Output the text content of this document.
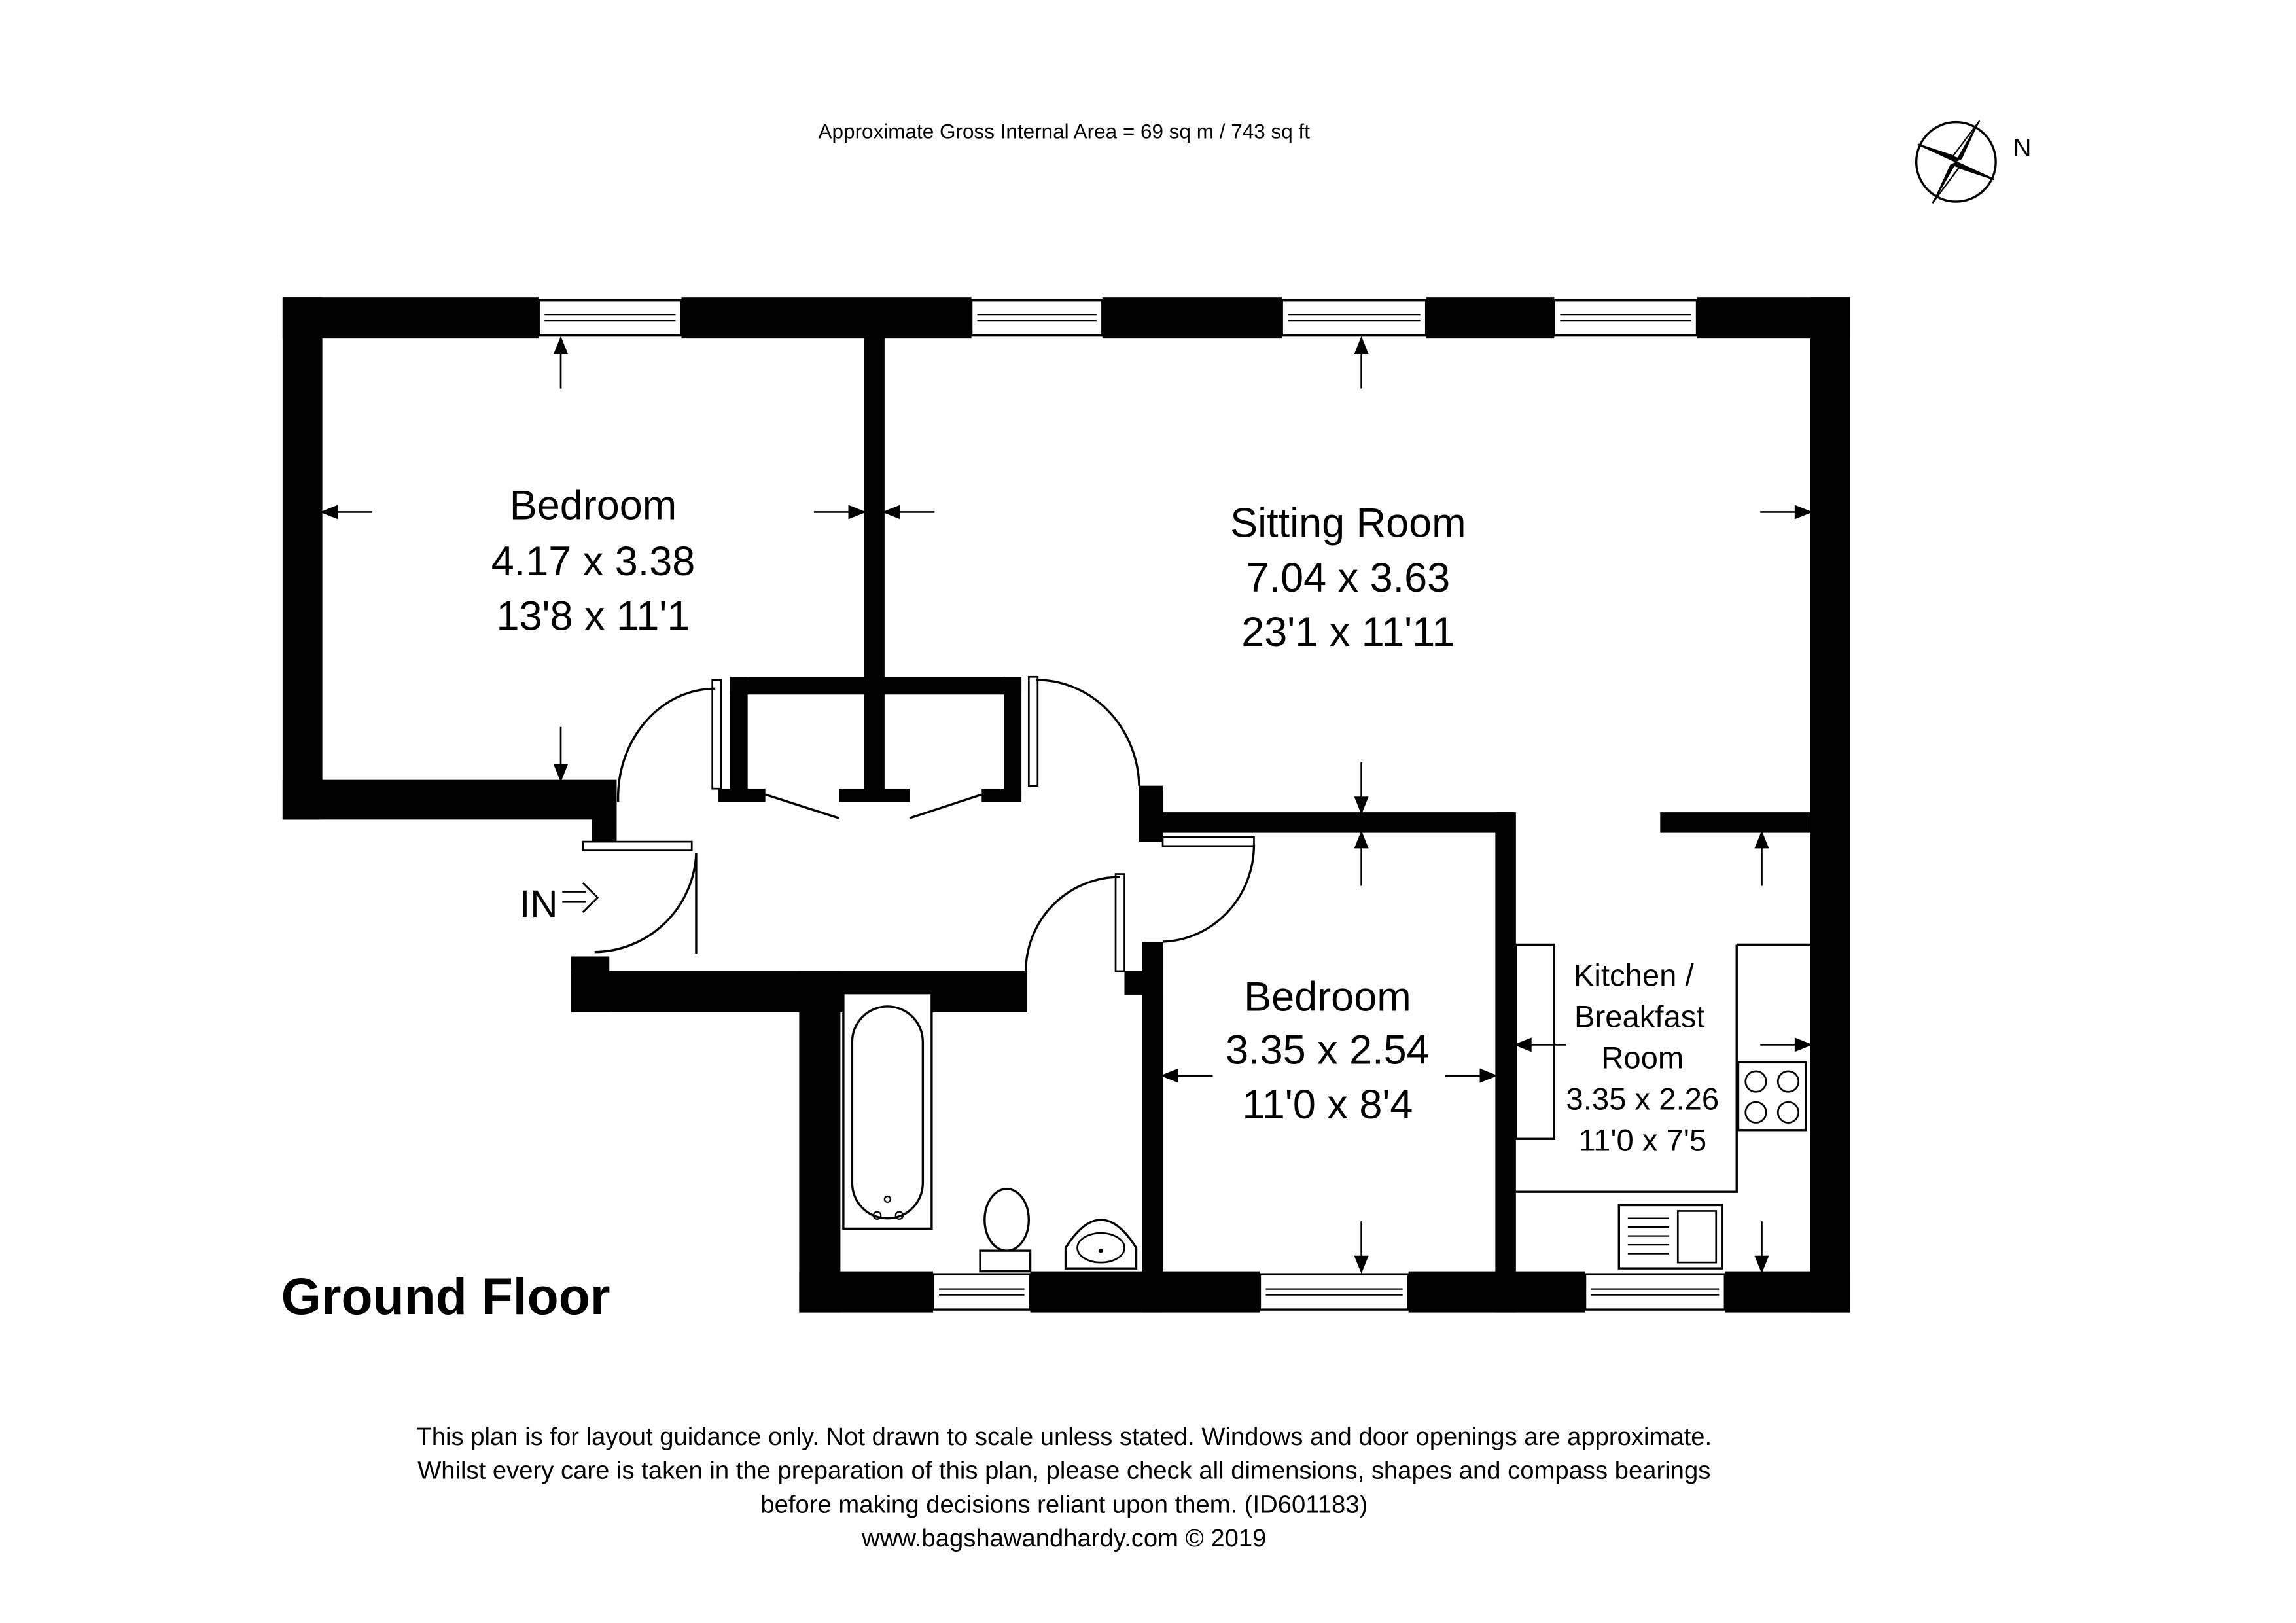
Approximate Gross Internal Area = 69 sq m / 743 sq ft
N
IN
Bedroom
4.17 x 3.38
13'8 x 11'1
Sitting Room
7.04 x 3.63
23'1 x 11'11
Bedroom
3.35 x 2.54
11'0 x 8'4
Kitchen /
Breakfast
Room
3.35 x 2.26
11'0 x 7'5
Ground Floor
This plan is for layout guidance only. Not drawn to scale unless stated. Windows and door openings are approximate.
Whilst every care is taken in the preparation of this plan, please check all dimensions, shapes and compass bearings
before making decisions reliant upon them. (ID601183)
www.bagshawandhardy.com © 2019
